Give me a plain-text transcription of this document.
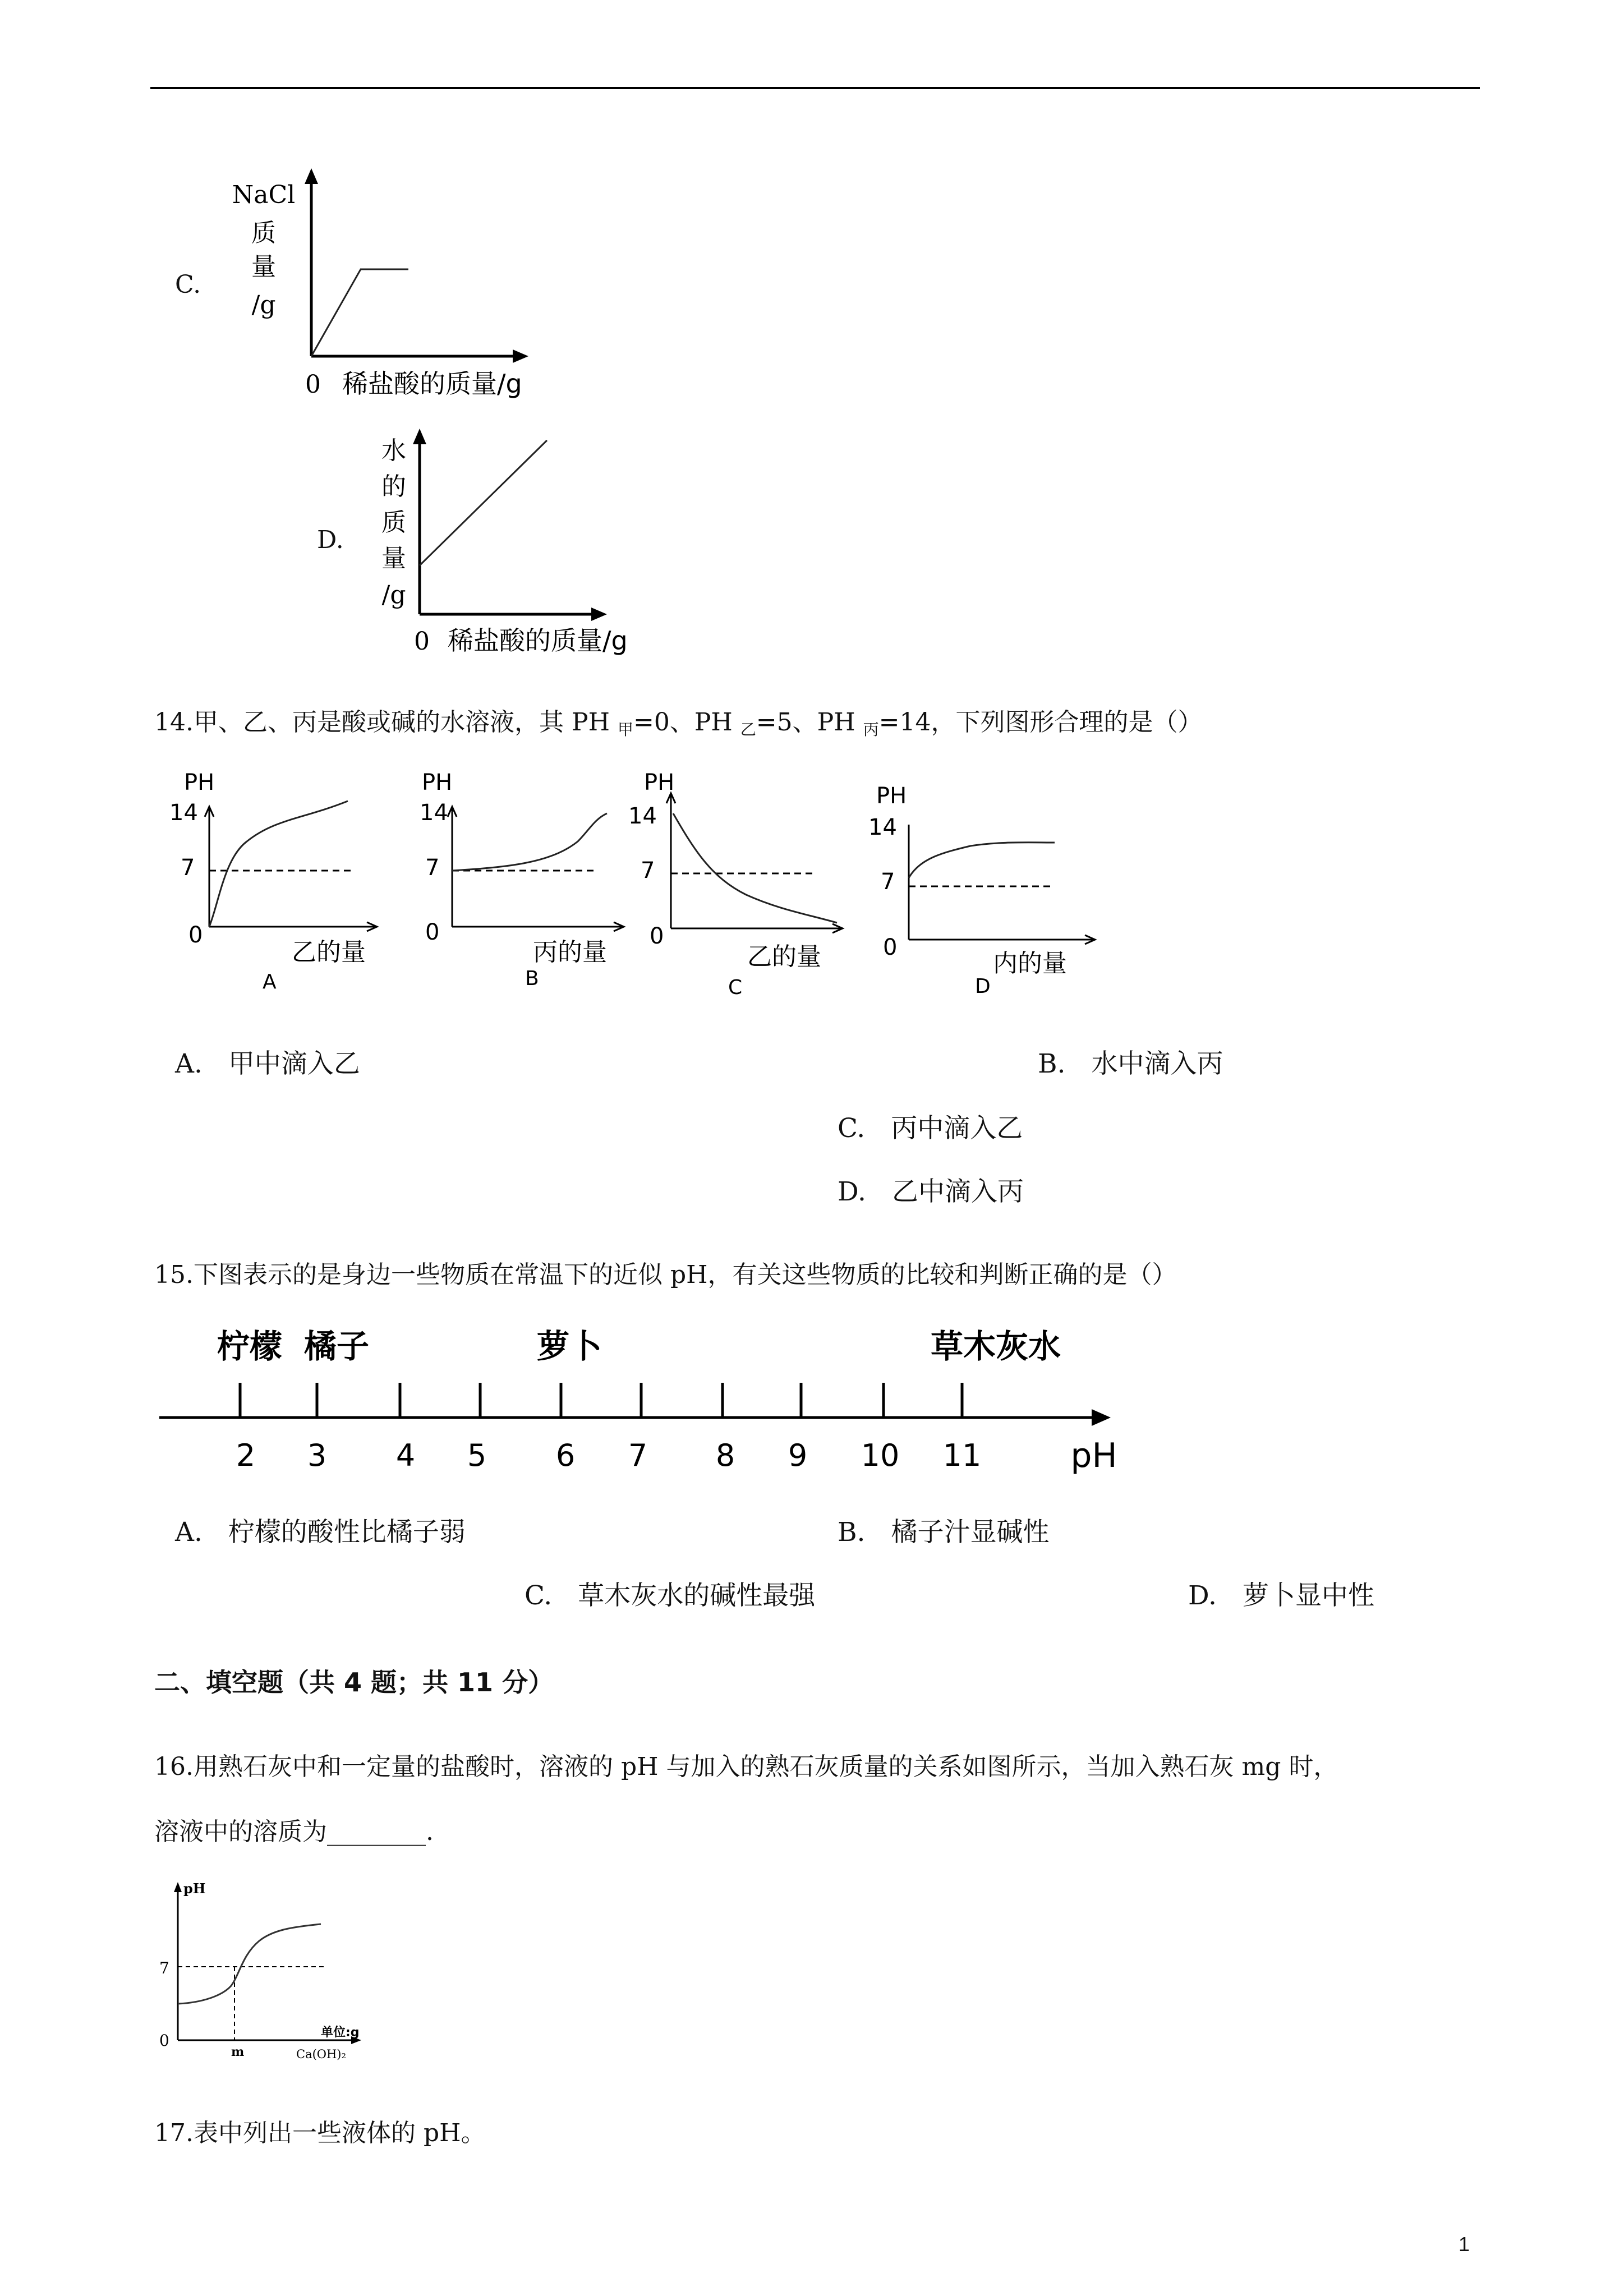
C.
NaCl
质
量
/g
0 稀盐酸的质量/g
D.
水
的
质
量
/g
0 稀盐酸的质量/g
14.甲、乙、丙是酸或碱的水溶液，其 PH $_甲$=0、PH $_乙$=5、PH $_丙$=14，下列图形合理的是（）
PH
14
7
0
乙的量
A
PH
14
7
0
丙的量
B
PH
14
7
0
乙的量
C
PH
14
7
0
内的量
D
A. 甲中滴入乙	B. 水中滴入丙
C. 丙中滴入乙
D. 乙中滴入丙
15.下图表示的是身边一些物质在常温下的近似 pH，有关这些物质的比较和判断正确的是（）
2 3 4 5 6 7 8 9 10 11	pH
柠檬 橘子	萝卜	草木灰水
A. 柠檬的酸性比橘子弱	B. 橘子汁显碱性
C. 草木灰水的碱性最强	D. 萝卜显中性
二、填空题（共 4 题；共 11 分）
16.用熟石灰中和一定量的盐酸时，溶液的 pH 与加入的熟石灰质量的关系如图所示，当加入熟石灰 mg 时，
溶液中的溶质为________.
pH
7
0
m
单位:g
Ca(OH)₂
17.表中列出一些液体的 pH。
1
